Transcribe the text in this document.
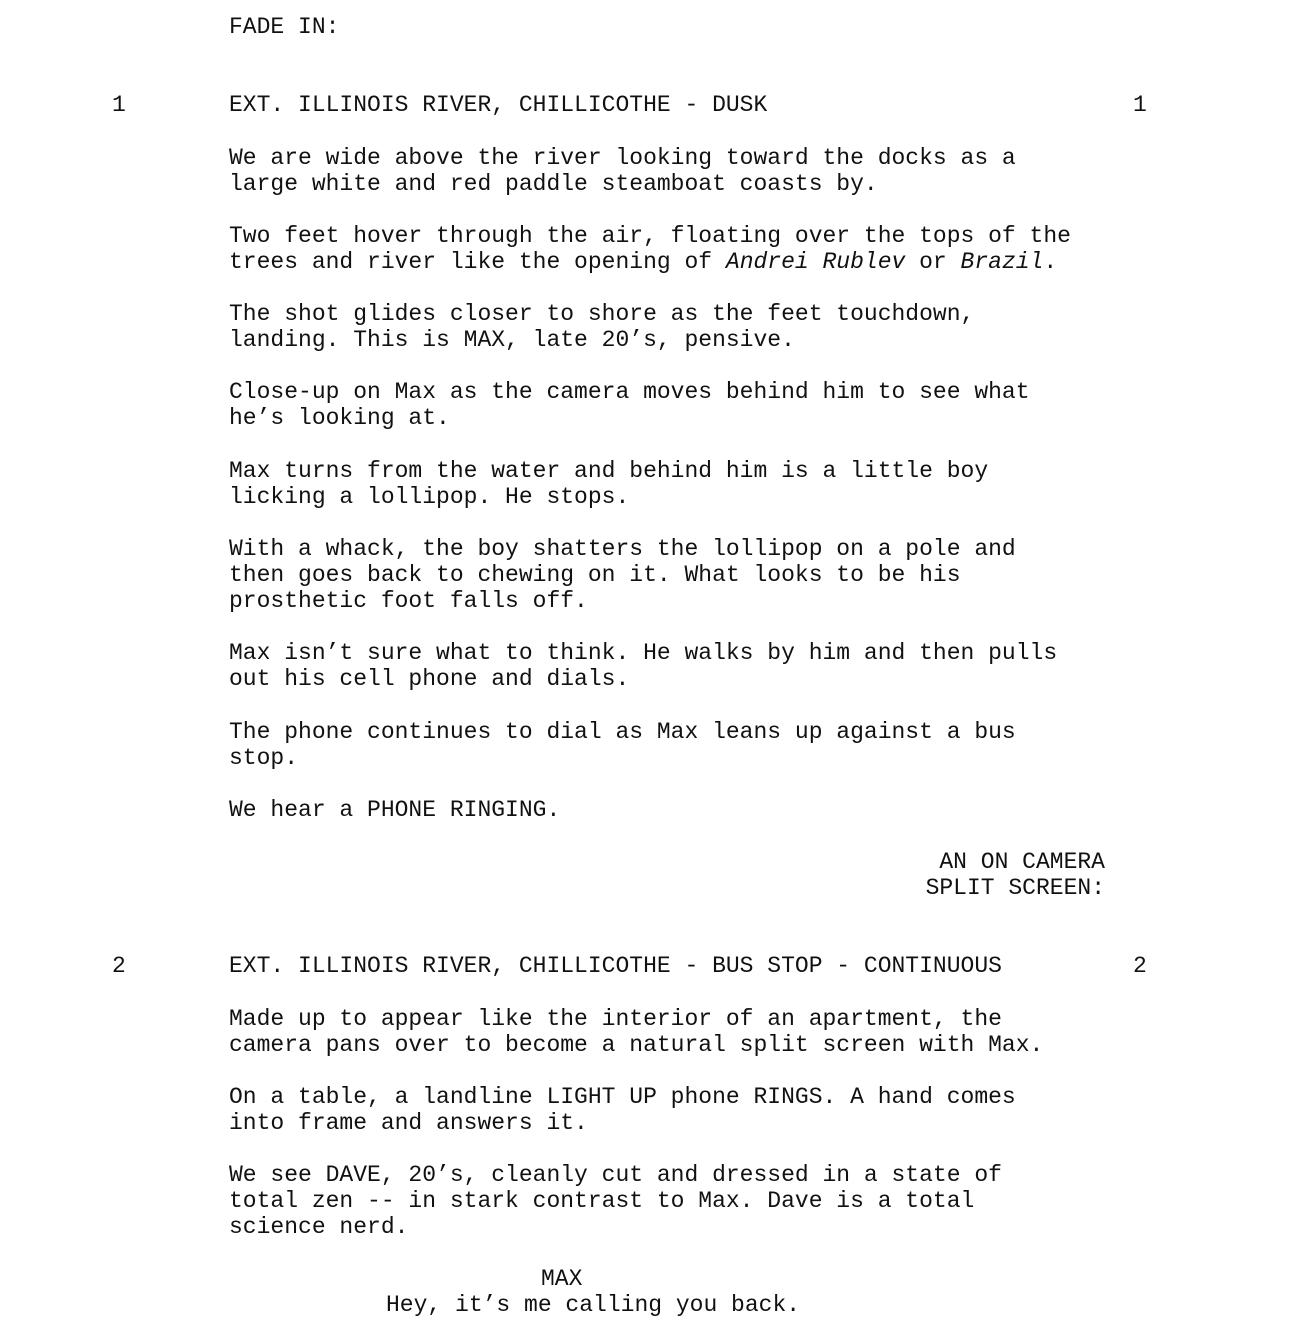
FADE IN:
1	EXT. ILLINOIS RIVER, CHILLICOTHE - DUSK	1
We are wide above the river looking toward the docks as a
large white and red paddle steamboat coasts by.
Two feet hover through the air, floating over the tops of the
trees and river like the opening of Andrei Rublev or Brazil.
The shot glides closer to shore as the feet touchdown,
landing. This is MAX, late 20’s, pensive.
Close-up on Max as the camera moves behind him to see what
he’s looking at.
Max turns from the water and behind him is a little boy
licking a lollipop. He stops.
With a whack, the boy shatters the lollipop on a pole and
then goes back to chewing on it. What looks to be his
prosthetic foot falls off.
Max isn’t sure what to think. He walks by him and then pulls
out his cell phone and dials.
The phone continues to dial as Max leans up against a bus
stop.
We hear a PHONE RINGING.
AN ON CAMERA
SPLIT SCREEN:
2	EXT. ILLINOIS RIVER, CHILLICOTHE - BUS STOP - CONTINUOUS	2
Made up to appear like the interior of an apartment, the
camera pans over to become a natural split screen with Max.
On a table, a landline LIGHT UP phone RINGS. A hand comes
into frame and answers it.
We see DAVE, 20’s, cleanly cut and dressed in a state of
total zen -- in stark contrast to Max. Dave is a total
science nerd.
MAX
Hey, it’s me calling you back.
